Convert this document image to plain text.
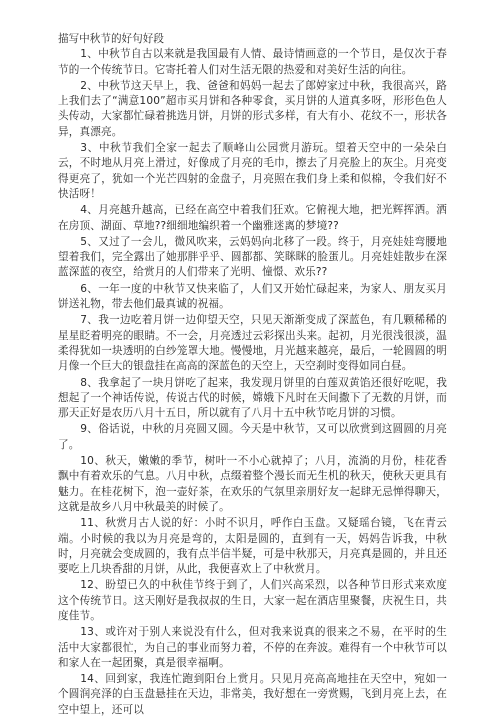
描写中秋节的好句好段

1、中秋节自古以来就是我国最有人情、最诗情画意的一个节日，是仅次于春节的一个传统节日。它寄托着人们对生活无限的热爱和对美好生活的向往。

2、中秋节这天早上，我、爸爸和妈妈一起去了郎婷家过中秋，我很高兴，路上我们去了“满意100”超市买月饼和各种零食，买月饼的人道真多呀，形形色色人头传动，大家都忙碌着挑选月饼，月饼的形式多样，有大有小、花纹不一，形状各异，真漂亮。

3、中秋节我们全家一起去了顺峰山公园赏月游玩。望着天空中的一朵朵白云，不时地从月亮上滑过，好像成了月亮的毛巾，擦去了月亮脸上的灰尘。月亮变得更亮了，犹如一个光芒四射的金盘子，月亮照在我们身上柔和似棉，令我们好不快活呀！

4、月亮越升越高，已经在高空中着我们狂欢。它俯视大地，把光辉挥洒。洒在房顶、湖面、草地??细细地编织着一个幽雅迷离的梦境??

5、又过了一会儿，微风吹来，云妈妈向北移了一段。终于，月亮娃娃弯腰地望着我们，完全露出了她那胖乎乎、圆都都、笑眯眯的脸蛋儿。月亮娃娃散步在深蓝深蓝的夜空，给赏月的人们带来了光明、憧憬、欢乐??

6、一年一度的中秋节又快来临了，人们又开始忙碌起来，为家人、朋友买月饼送礼物，带去他们最真诚的祝福。

7、我一边吃着月饼一边仰望天空，只见天渐渐变成了深蓝色，有几颗稀稀的星星眨着明亮的眼睛。不一会，月亮透过云彩探出头来。起初，月光很浅很淡，温柔得犹如一块透明的白纱笼罩大地。慢慢地，月光越来越亮，最后，一轮圆圆的明月像一个巨大的银盘挂在高高的深蓝色的天空上，天空刹时变得如同白昼。

8、我拿起了一块月饼吃了起来，我发现月饼里的白莲双黄馅还很好吃呢，我想起了一个神话传说，传说古代的时候，嫦娥下凡时在天间撒下了无数的月饼，而那天正好是农历八月十五日，所以就有了八月十五中秋节吃月饼的习惯。

9、俗话说，中秋的月亮圆又圆。今天是中秋节，又可以欣赏到这圆圆的月亮了。

10、秋天，嫩嫩的季节，树叶一不小心就掉了；八月，流淌的月份，桂花香飘中有着欢乐的气息。八月中秋，点缀着整个漫长而无生机的秋天，使秋天更具有魅力。在桂花树下，泡一壶好茶，在欢乐的气氛里亲朋好友一起肆无忌惮得聊天，这就是故乡八月中秋最美的时候了。

11、秋赏月古人说的好：小时不识月，呼作白玉盘。又疑瑶台镜，飞在青云端。小时候的我以为月亮是弯的，太阳是圆的，直到有一天，妈妈告诉我，中秋时，月亮就会变成圆的，我有点半信半疑，可是中秋那天，月亮真是圆的，并且还要吃上几块香甜的月饼，从此，我便喜欢上了中秋赏月。

12、盼望已久的中秋佳节终于到了，人们兴高采烈，以各种节日形式来欢度这个传统节日。这天刚好是我叔叔的生日，大家一起在酒店里聚餐，庆祝生日，共度佳节。

13、或许对于别人来说没有什么，但对我来说真的很来之不易，在平时的生活中大家都很忙，为自己的事业而努力着，不停的在奔波。难得有一个中秋节可以和家人在一起团聚，真是很幸福啊。

14、回到家，我连忙跑到阳台上赏月。只见月亮高高地挂在天空中，宛如一个圆润亮泽的白玉盘悬挂在天边，非常美，我好想在一旁赏赐，飞到月亮上去，在空中望上，还可以
